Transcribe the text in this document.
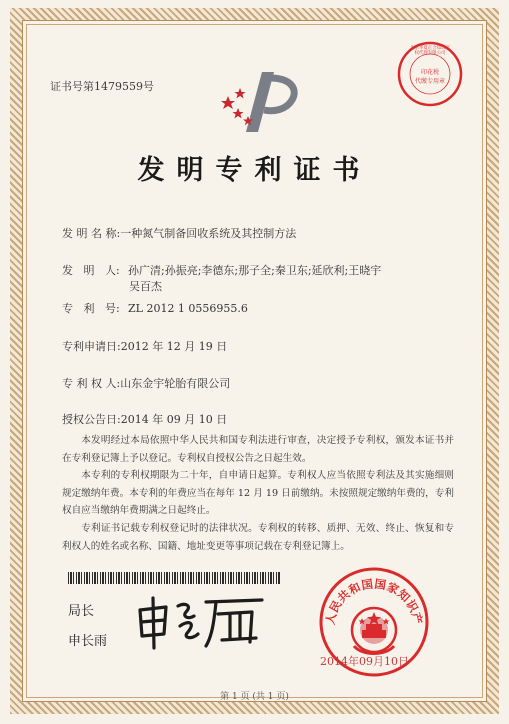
证书号第1479559号
北京华夏正合知识产权代理有限公司
印花税
代缴专用章
发明专利证书
发 明 名 称:一种氮气制备回收系统及其控制方法
发   明   人: 孙广清;孙振亮;李德东;那子全;秦卫东;延欣利;王晓宇
吴百杰
专   利   号: ZL 2012 1 0556955.6
专利申请日:2012 年 12 月 19 日
专 利 权 人:山东金宇轮胎有限公司
授权公告日:2014 年 09 月 10 日
本发明经过本局依照中华人民共和国专利法进行审查，决定授予专利权，颁发本证书并在专利登记簿上予以登记。专利权自授权公告之日起生效。
本专利的专利权期限为二十年，自申请日起算。专利权人应当依照专利法及其实施细则规定缴纳年费。本专利的年费应当在每年 12 月 19 日前缴纳。未按照规定缴纳年费的，专利权自应当缴纳年费期满之日起终止。
专利证书记载专利权登记时的法律状况。专利权的转移、质押、无效、终止、恢复和专利权人的姓名或名称、国籍、地址变更等事项记载在专利登记簿上。
局长
申长雨
人民共和国国家知识产
2014年09月10日
第 1 页 (共 1 页)
